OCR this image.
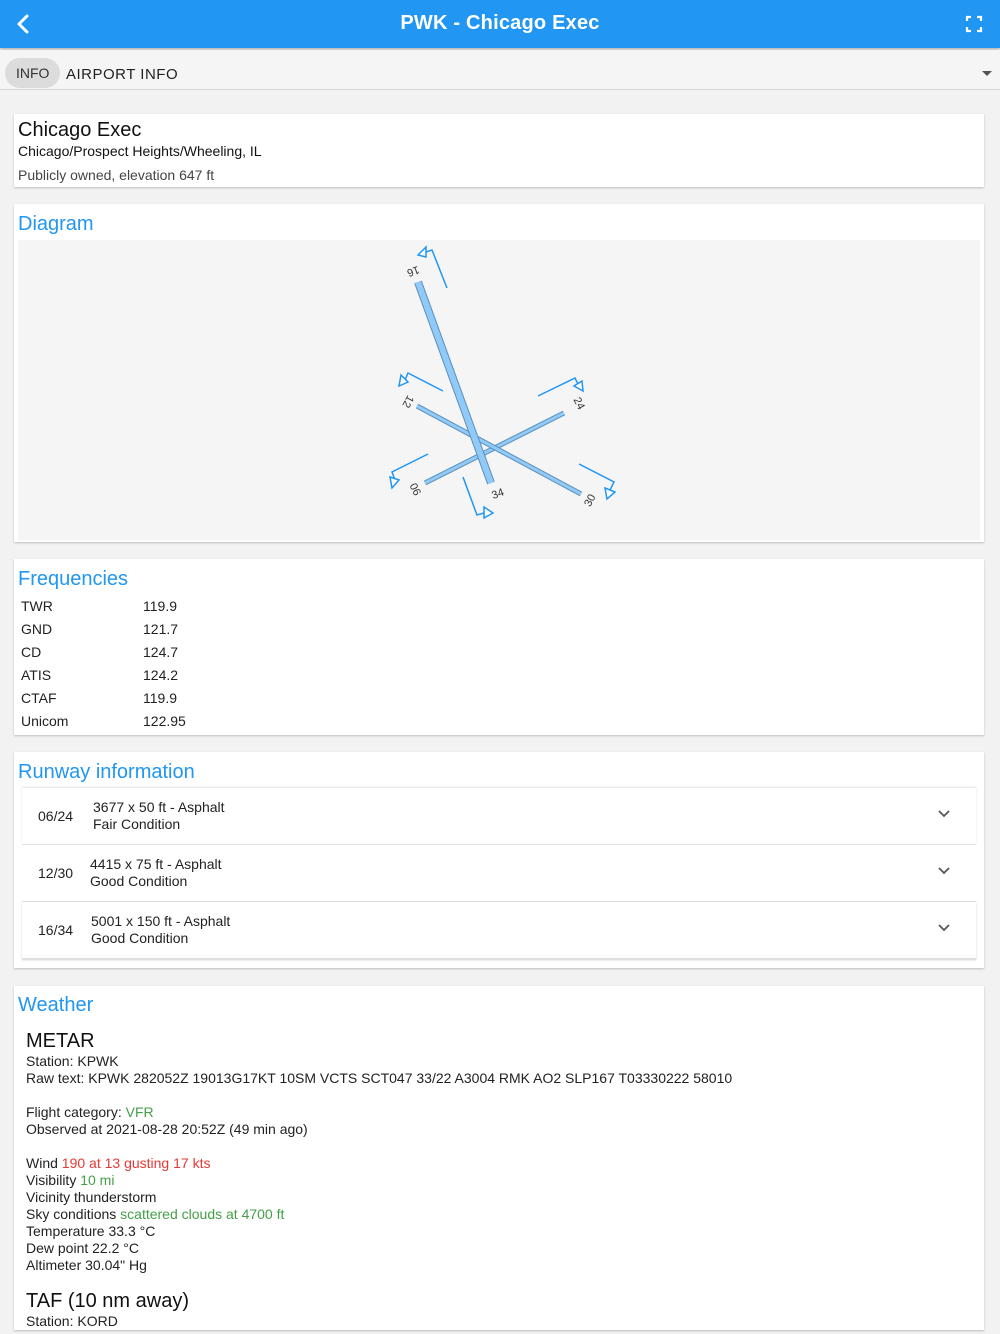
PWK - Chicago Exec
INFO	AIRPORT INFO
Chicago Exec
Chicago/Prospect Heights/Wheeling, IL
Publicly owned, elevation 647 ft
Diagram
16
34
12
30
06
24
Frequencies
TWR	119.9
GND	121.7
CD	124.7
ATIS	124.2
CTAF	119.9
Unicom	122.95
Runway information
06/24
3677 x 50 ft - Asphalt
Fair Condition
12/30
4415 x 75 ft - Asphalt
Good Condition
16/34
5001 x 150 ft - Asphalt
Good Condition
Weather
METAR
Station: KPWK
Raw text: KPWK 282052Z 19013G17KT 10SM VCTS SCT047 33/22 A3004 RMK AO2 SLP167 T03330222 58010
Flight category: VFR
Observed at 2021-08-28 20:52Z (49 min ago)
Wind 190 at 13 gusting 17 kts
Visibility 10 mi
Vicinity thunderstorm
Sky conditions scattered clouds at 4700 ft
Temperature 33.3 °C
Dew point 22.2 °C
Altimeter 30.04" Hg
TAF (10 nm away)
Station: KORD
